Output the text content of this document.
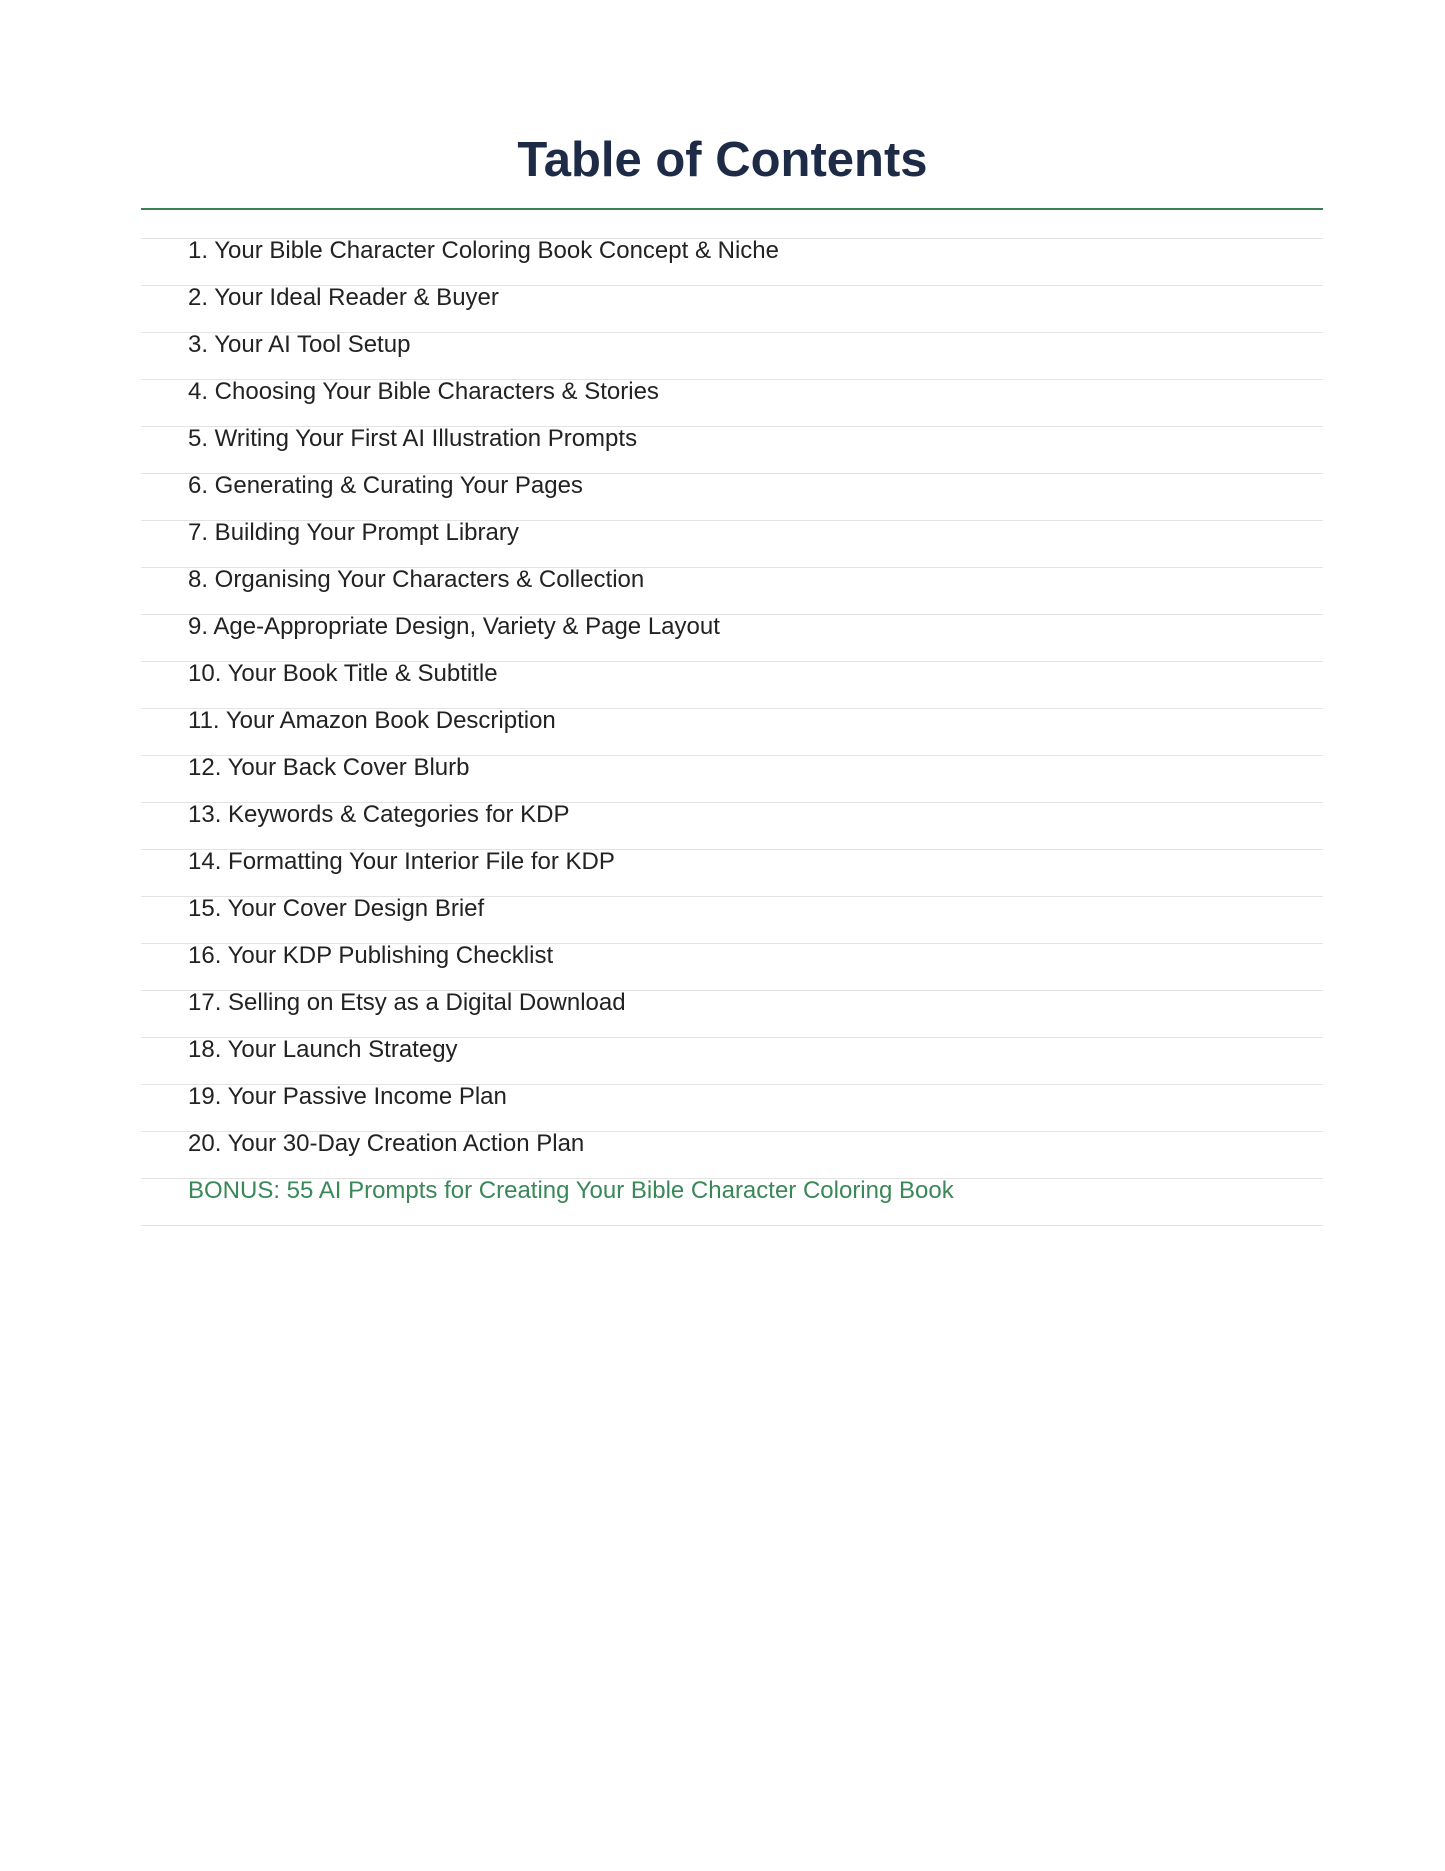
Table of Contents
1. Your Bible Character Coloring Book Concept & Niche
2. Your Ideal Reader & Buyer
3. Your AI Tool Setup
4. Choosing Your Bible Characters & Stories
5. Writing Your First AI Illustration Prompts
6. Generating & Curating Your Pages
7. Building Your Prompt Library
8. Organising Your Characters & Collection
9. Age-Appropriate Design, Variety & Page Layout
10. Your Book Title & Subtitle
11. Your Amazon Book Description
12. Your Back Cover Blurb
13. Keywords & Categories for KDP
14. Formatting Your Interior File for KDP
15. Your Cover Design Brief
16. Your KDP Publishing Checklist
17. Selling on Etsy as a Digital Download
18. Your Launch Strategy
19. Your Passive Income Plan
20. Your 30-Day Creation Action Plan
BONUS: 55 AI Prompts for Creating Your Bible Character Coloring Book
